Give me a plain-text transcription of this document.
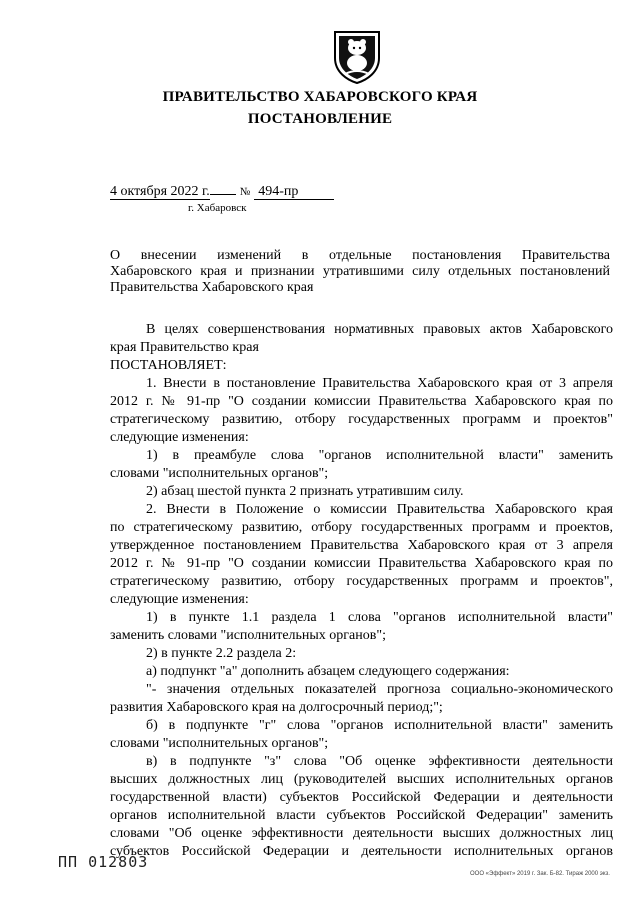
ПРАВИТЕЛЬСТВО ХАБАРОВСКОГО КРАЯ
ПОСТАНОВЛЕНИЕ
4 октября 2022 г.	№ 494-пр
г. Хабаровск
О внесении изменений в отдельные постановления Правительства
Хабаровского края и признании утратившими силу отдельных постановлений
Правительства Хабаровского края
В целях совершенствования нормативных правовых актов Хабаровского
края Правительство края
ПОСТАНОВЛЯЕТ:
1. Внести в постановление Правительства Хабаровского края от 3 апреля
2012 г. № 91-пр "О создании комиссии Правительства Хабаровского края по
стратегическому развитию, отбору государственных программ и проектов"
следующие изменения:
1) в преамбуле слова "органов исполнительной власти" заменить
словами "исполнительных органов";
2) абзац шестой пункта 2 признать утратившим силу.
2. Внести в Положение о комиссии Правительства Хабаровского края
по стратегическому развитию, отбору государственных программ и проектов,
утвержденное постановлением Правительства Хабаровского края от 3 апреля
2012 г. № 91-пр "О создании комиссии Правительства Хабаровского края по
стратегическому развитию, отбору государственных программ и проектов",
следующие изменения:
1) в пункте 1.1 раздела 1 слова "органов исполнительной власти"
заменить словами "исполнительных органов";
2) в пункте 2.2 раздела 2:
а) подпункт "а" дополнить абзацем следующего содержания:
"- значения отдельных показателей прогноза социально-экономического
развития Хабаровского края на долгосрочный период;";
б) в подпункте "г" слова "органов исполнительной власти" заменить
словами "исполнительных органов";
в) в подпункте "з" слова "Об оценке эффективности деятельности
высших должностных лиц (руководителей высших исполнительных органов
государственной власти) субъектов Российской Федерации и деятельности
органов исполнительной власти субъектов Российской Федерации" заменить
словами "Об оценке эффективности деятельности высших должностных лиц
субъектов Российской Федерации и деятельности исполнительных органов
ПП 012803
ООО «Эффект» 2019 г. Зак. Б-82. Тираж 2000 экз.
